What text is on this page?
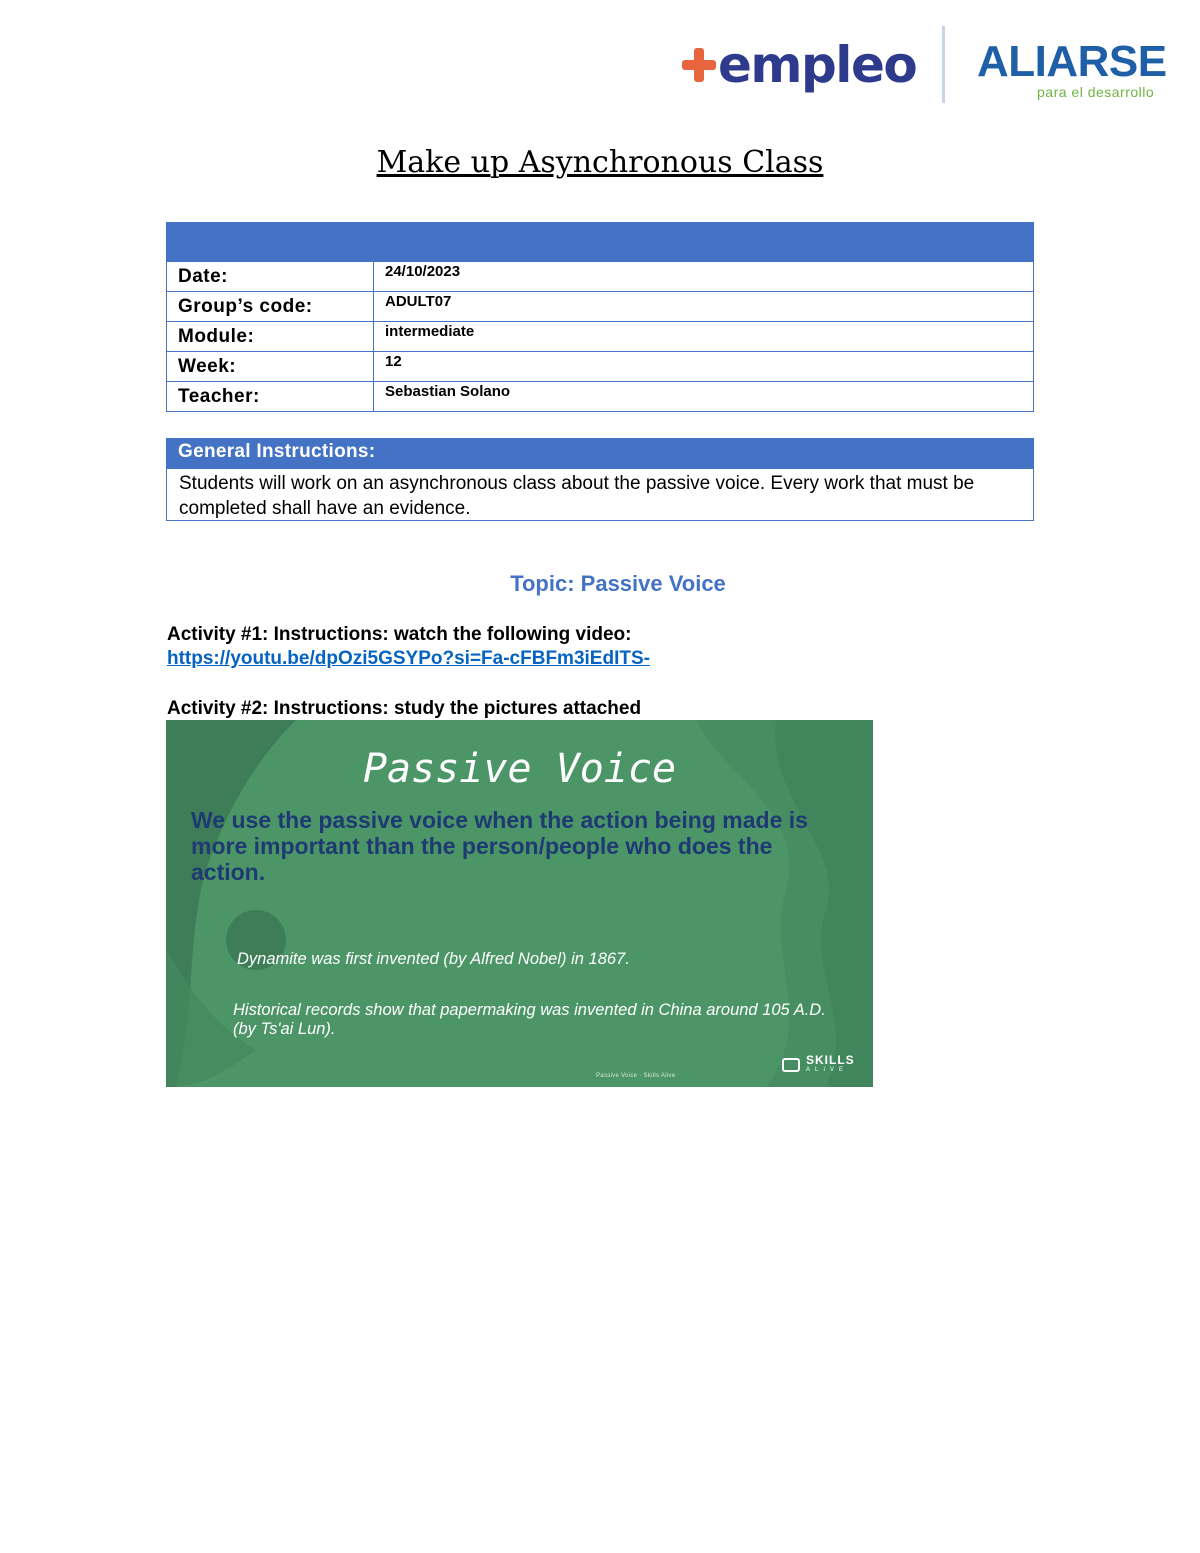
empleo ALIARSE
para el desarrollo
Make up Asynchronous Class
Date:	24/10/2023
Group’s code:	ADULT07
Module:	intermediate
Week:	12
Teacher:	Sebastian Solano
General Instructions:
Students will work on an asynchronous class about the passive voice. Every work that must be completed shall have an evidence.
Topic: Passive Voice
Activity #1: Instructions: watch the following video:
https://youtu.be/dpOzi5GSYPo?si=Fa-cFBFm3iEdITS-
Activity #2: Instructions: study the pictures attached
Passive Voice
We use the passive voice when the action being made is more important than the person/people who does the action.
Dynamite was first invented (by Alfred Nobel) in 1867.
Historical records show that papermaking was invented in China around 105 A.D. (by Ts'ai Lun).
Passive Voice · Skills Alive
SKILLS
ALIVE
